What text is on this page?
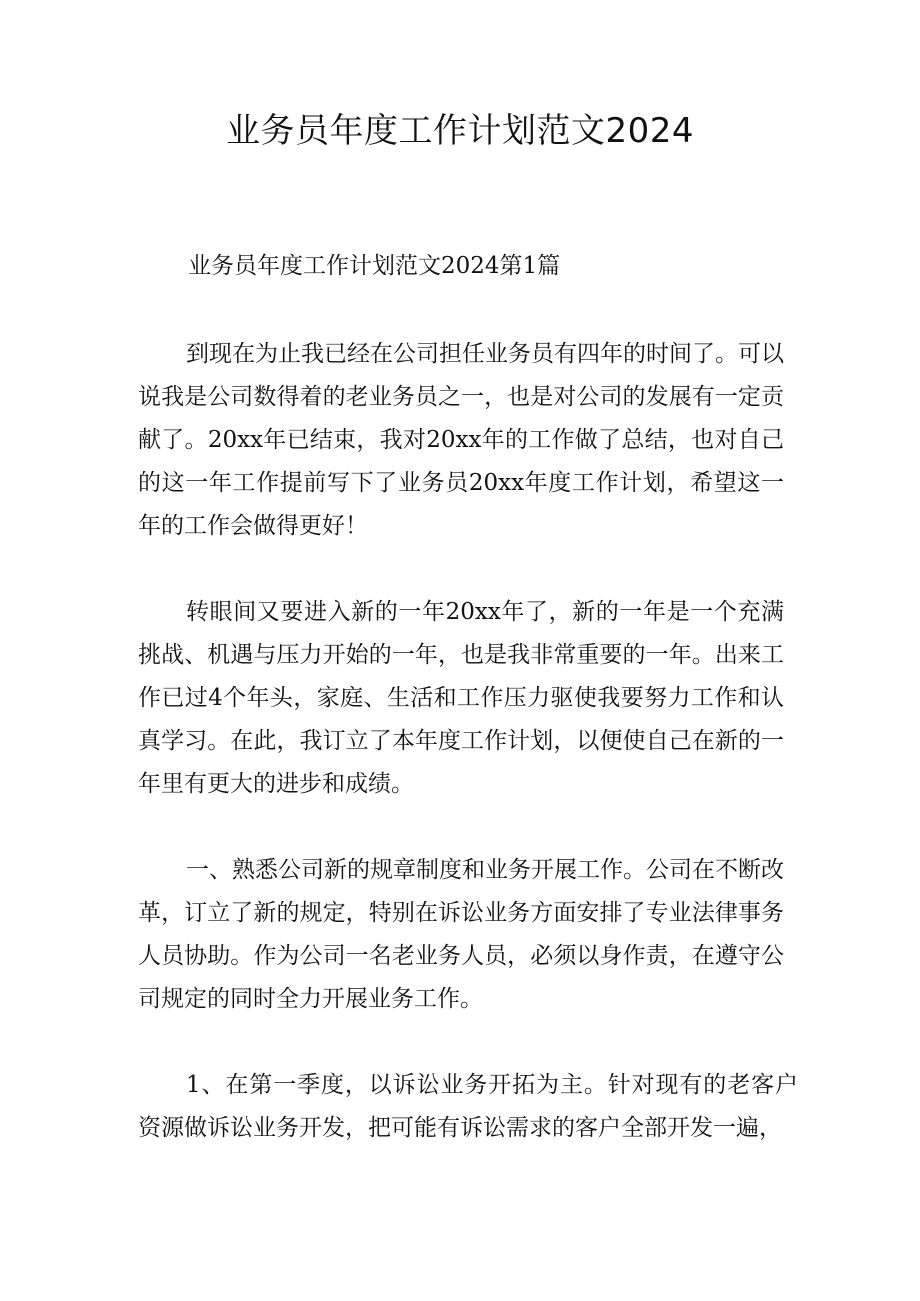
业务员年度工作计划范文2024
业务员年度工作计划范文2024第1篇

到现在为止我已经在公司担任业务员有四年的时间了。可以说我是公司数得着的老业务员之一，也是对公司的发展有一定贡献了。20xx年已结束，我对20xx年的工作做了总结，也对自己的这一年工作提前写下了业务员20xx年度工作计划，希望这一年的工作会做得更好！

转眼间又要进入新的一年20xx年了，新的一年是一个充满挑战、机遇与压力开始的一年，也是我非常重要的一年。出来工作已过4个年头，家庭、生活和工作压力驱使我要努力工作和认真学习。在此，我订立了本年度工作计划，以便使自己在新的一年里有更大的进步和成绩。

一、熟悉公司新的规章制度和业务开展工作。公司在不断改革，订立了新的规定，特别在诉讼业务方面安排了专业法律事务人员协助。作为公司一名老业务人员，必须以身作责，在遵守公司规定的同时全力开展业务工作。

1、在第一季度，以诉讼业务开拓为主。针对现有的老客户资源做诉讼业务开发，把可能有诉讼需求的客户全部开发一遍，
